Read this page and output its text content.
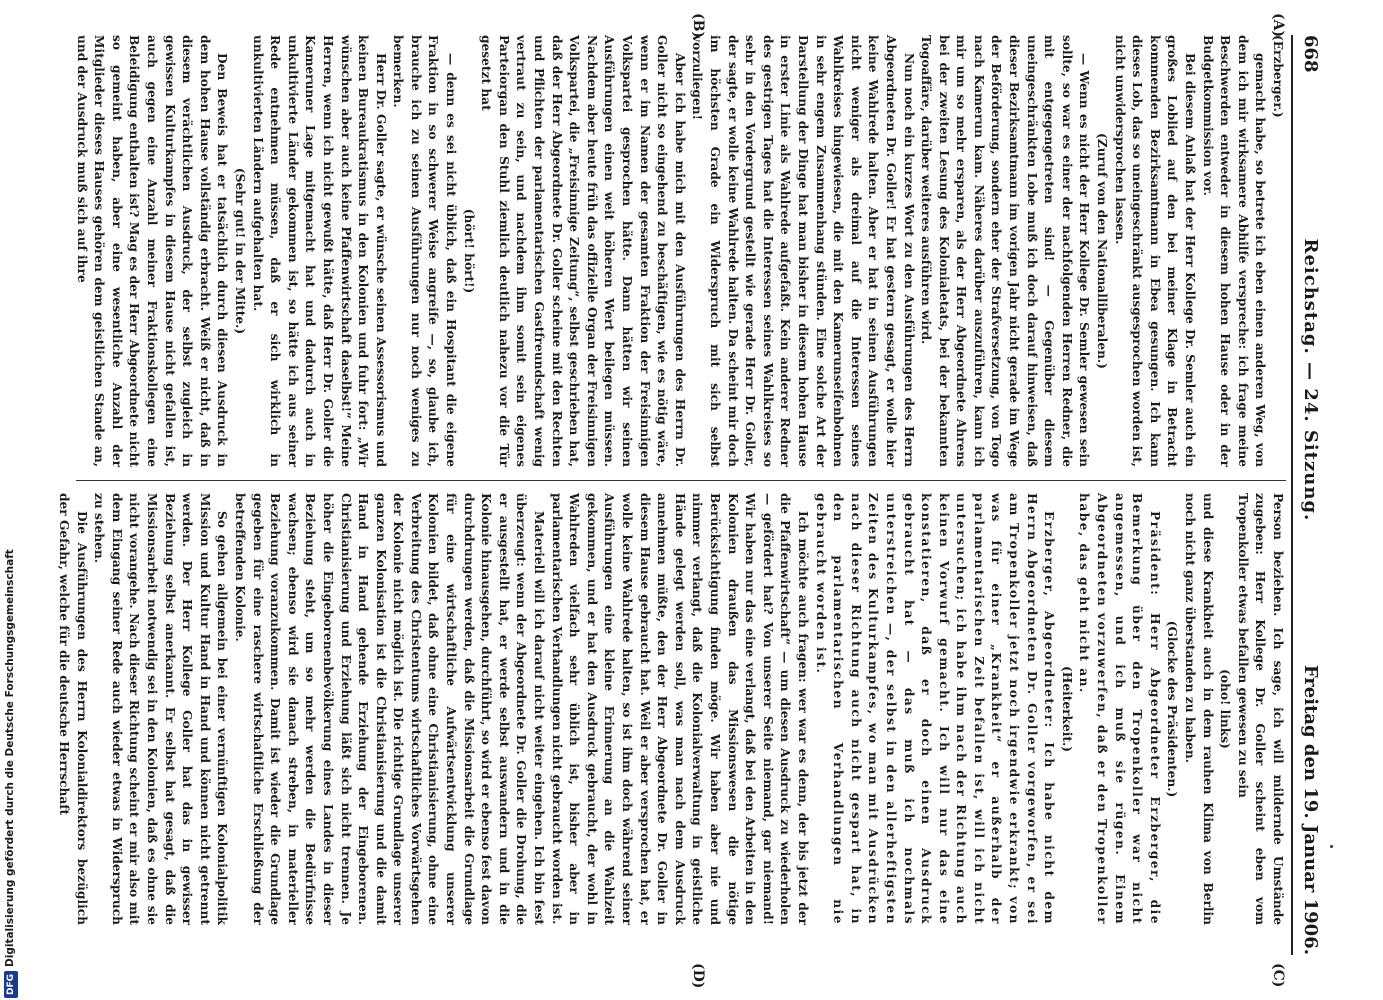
668
Reichstag. — 24. Sitzung.
Freitag den 19. Januar 1906.
(A)
(B)
(C)
(D)

(Erzberger.)

gemacht habe, so betrete ich eben einen anderen Weg, von dem ich mir wirksamere Abhilfe verspreche: ich frage meine Beschwerden entweder in diesem hohen Hause oder in der Budgetkommission vor.

Bei diesem Anlaß hat der Herr Kollege Dr. Semler auch ein großes Loblied auf den bei meiner Klage in Betracht kommenden Bezirksamtmann in Ebea gesungen. Ich kann dieses Lob, das so uneingeschränkt ausgesprochen worden ist, nicht unwidersprochen lassen.

(Zuruf von den Nationalliberalen.)

— Wenn es nicht der Herr Kollege Dr. Semler gewesen sein sollte, so war es einer der nachfolgenden Herren Redner, die mit entgegengetreten sind! — Gegenüber diesem uneingeschränkten Lobe muß ich doch darauf hinweisen, daß dieser Bezirksamtmann im vorigen Jahr nicht gerade im Wege der Beförderung, sondern eher der Strafversetzung, von Togo nach Kamerun kam. Näheres darüber auszuführen, kann ich mir um so mehr ersparen, als der Herr Abgeordnete Ahrens bei der zweiten Lesung des Kolonialetats, bei der bekannten Togoaffäre, darüber weiteres ausführen wird.

Nun noch ein kurzes Wort zu den Ausführungen des Herrn Abgeordneten Dr. Goller! Er hat gestern gesagt, er wolle hier keine Wahlrede halten. Aber er hat in seinen Ausführungen nicht weniger als dreimal auf die Interessen seines Wahlkreises hingewiesen, die mit den Kamerunseifenbohnen in sehr engem Zusammenhang stünden. Eine solche Art der Darstellung der Dinge hat man bisher in diesem hohen Hause in erster Linie als Wahlrede aufgefaßt. Kein anderer Redner des gestrigen Tages hat die Interessen seines Wahlkreises so sehr in den Vordergrund gestellt wie gerade Herr Dr. Goller, der sagte, er wolle keine Wahlrede halten. Da scheint mir doch im höchsten Grade ein Widerspruch mit sich selbst vorzuliegen!

Aber ich habe mich mit den Ausführungen des Herrn Dr. Goller nicht so eingehend zu beschäftigen, wie es nötig wäre, wenn er im Namen der gesamten Fraktion der Freisinnigen Volkspartei gesprochen hätte. Dann hätten wir seinen Ausführungen einen weit höheren Wert beilegen müssen. Nachdem aber heute früh das offizielle Organ der Freisinnigen Volkspartei, die „Freisinnige Zeitung“, selbst geschrieben hat, daß der Herr Abgeordnete Dr. Goller scheine mit den Rechten und Pflichten der parlamentarischen Gastfreundschaft wenig vertraut zu sein, und nachdem ihm somit sein eigenes Parteiorgan den Stuhl ziemlich deutlich nahezu vor die Tür gesetzt hat

(hört! hört!)

— denn es sei nicht üblich, daß ein Hospitant die eigene Fraktion in so schwerer Weise angreife —, so, glaube ich, brauche ich zu seinen Ausführungen nur noch weniges zu bemerken.

Herr Dr. Goller sagte, er wünsche seinen Assessorismus und keinen Bureaukratismus in den Kolonien und fuhr fort: „Wir wünschen aber auch keine Pfaffenwirtschaft daselbst!“ Meine Herren, wenn ich nicht gewußt hätte, daß Herr Dr. Goller die Kameruner Lage mitgemacht hat und dadurch auch in unkultivierte Länder gekommen ist, so hätte ich aus seiner Rede entnehmen müssen, daß er sich wirklich in unkultivierten Ländern aufgehalten hat.

(Sehr gut! in der Mitte.)

Den Beweis hat er tatsächlich durch diesen Ausdruck in dem hohen Hause vollständig erbracht. Weiß er nicht, daß in diesem verächtlichen Ausdruck, der selbst zugleich in gewissen Kulturkampfes in diesem Hause nicht gefallen ist, auch gegen eine Anzahl meiner Fraktionskollegen eine Beleidigung enthalten ist? Mag es der Herr Abgeordnete nicht so gemeint haben, aber eine wesentliche Anzahl der Mitglieder dieses Hauses gehören dem geistlichen Stande an, und der Ausdruck muß sich auf ihre

Person beziehen. Ich sage, ich will mildernde Umstände zugeben: Herr Kollege Dr. Goller scheint eben vom Tropenkoller etwas befallen gewesen zu sein

(oho! links)

und diese Krankheit auch in dem rauhen Klima von Berlin noch nicht ganz überstanden zu haben.

(Glocke des Präsidenten.)

Präsident: Herr Abgeordneter Erzberger, die Bemerkung über den Tropenkoller war nicht angemessen, und ich muß sie rügen. Einem Abgeordneten vorzuwerfen, daß er den Tropenkoller habe, das geht nicht an.

(Heiterkeit.)

Erzberger, Abgeordneter: Ich habe nicht dem Herrn Abgeordneten Dr. Goller vorgeworfen, er sei am Tropenkoller jetzt noch irgendwie erkrankt; von was für einer „Krankheit“ er außerhalb der parlamentarischen Zeit befallen ist, will ich nicht untersuchen; ich habe ihm nach der Richtung auch keinen Vorwurf gemacht. Ich will nur das eine konstatieren, daß er doch einen Ausdruck gebraucht hat — das muß ich nochmals unterstreichen —, der selbst in den allerheftigsten Zeiten des Kulturkampfes, wo man mit Ausdrücken nach dieser Richtung auch nicht gespart hat, in den parlamentarischen Verhandlungen nie gebraucht worden ist.

Ich möchte auch fragen: wer war es denn, der bis jetzt der die Pfaffenwirtschaft“ — um diesen Ausdruck zu wiederholen — gefördert hat? Von unserer Seite niemand, gar niemand! Wir haben nur das eine verlangt, daß bei den Arbeiten in den Kolonien draußen das Missionswesen die nötige Berücksichtigung finden möge. Wir haben aber nie und nimmer verlangt, daß die Kolonialverwaltung in geistliche Hände gelegt werden soll, was man nach dem Ausdruck annehmen müßte, den der Herr Abgeordnete Dr. Goller in diesem Hause gebraucht hat. Weil er aber versprochen hat, er wolle keine Wahlrede halten, so ist ihm doch während seiner Ausführungen eine kleine Erinnerung an die Wahlzeit gekommen, und er hat den Ausdruck gebraucht, der wohl in Wahlreden vielfach sehr üblich ist, bisher aber in parlamentarischen Verhandlungen nicht gebraucht worden ist.

Materiell will ich darauf nicht weiter eingehen. Ich bin fest überzeugt: wenn der Abgeordnete Dr. Goller die Drohung, die er ausgestellt hat, er werde selbst auswandern und in die Kolonie hinausgehen, durchführt, so wird er ebenso fest davon durchdrungen werden, daß die Missionsarbeit die Grundlage für eine wirtschaftliche Aufwärtsentwicklung unserer Kolonien bildet, daß ohne eine Christianisierung, ohne eine Verbreitung des Christentums wirtschaftliches Vorwärtsgehen der Kolonie nicht möglich ist. Die richtige Grundlage unserer ganzen Kolonisation ist die Christianisierung und die damit Hand in Hand gehende Erziehung der Eingeborenen. Christianisierung und Erziehung läßt sich nicht trennen. Je höher die Eingeborenenbevölkerung eines Landes in dieser Beziehung steht, um so mehr werden die Bedürfnisse wachsen; ebenso wird sie danach streben, in materieller Beziehung voranzukommen. Damit ist wieder die Grundlage gegeben für eine raschere wirtschaftliche Erschließung der betreffenden Kolonie.

So gehen allgemein bei einer vernünftigen Kolonialpolitik Mission und Kultur Hand in Hand und können nicht getrennt werden. Der Herr Kollege Goller hat das in gewisser Beziehung selbst anerkannt. Er selbst hat gesagt, daß die Missionsarbeit notwendig sei in den Kolonien, daß es ohne sie nicht vorangehe. Nach dieser Richtung scheint er mir also mit dem Eingang seiner Rede auch wieder etwas in Widerspruch zu stehen.

Die Ausführungen des Herrn Kolonialdirektors bezüglich der Gefahr, welche für die deutsche Herrschaft

DFGDigitalisierung gefördert durch die Deutsche Forschungsgemeinschaft
